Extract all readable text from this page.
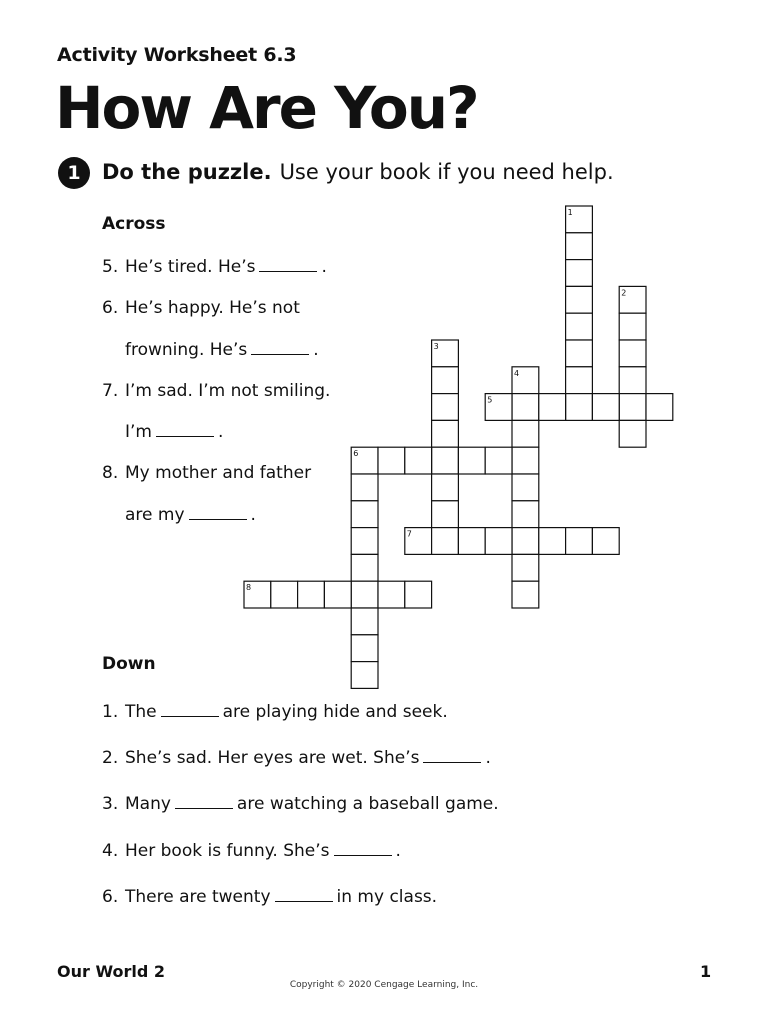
Activity Worksheet 6.3
How Are You?
1	Do the puzzle. Use your book if you need help.
Across
5. He’s tired. He’s	.
6. He’s happy. He’s not
frowning. He’s	.
7. I’m sad. I’m not smiling.
I’m	.
8. My mother and father
are my	.
Down
1. The	are playing hide and seek.
2. She’s sad. Her eyes are wet. She’s	.
3. Many	are watching a baseball game.
4. Her book is funny. She’s	.
6. There are twenty	in my class.
1
2
3
4
5
6
7
8
Our World 2	1
Copyright © 2020 Cengage Learning, Inc.
